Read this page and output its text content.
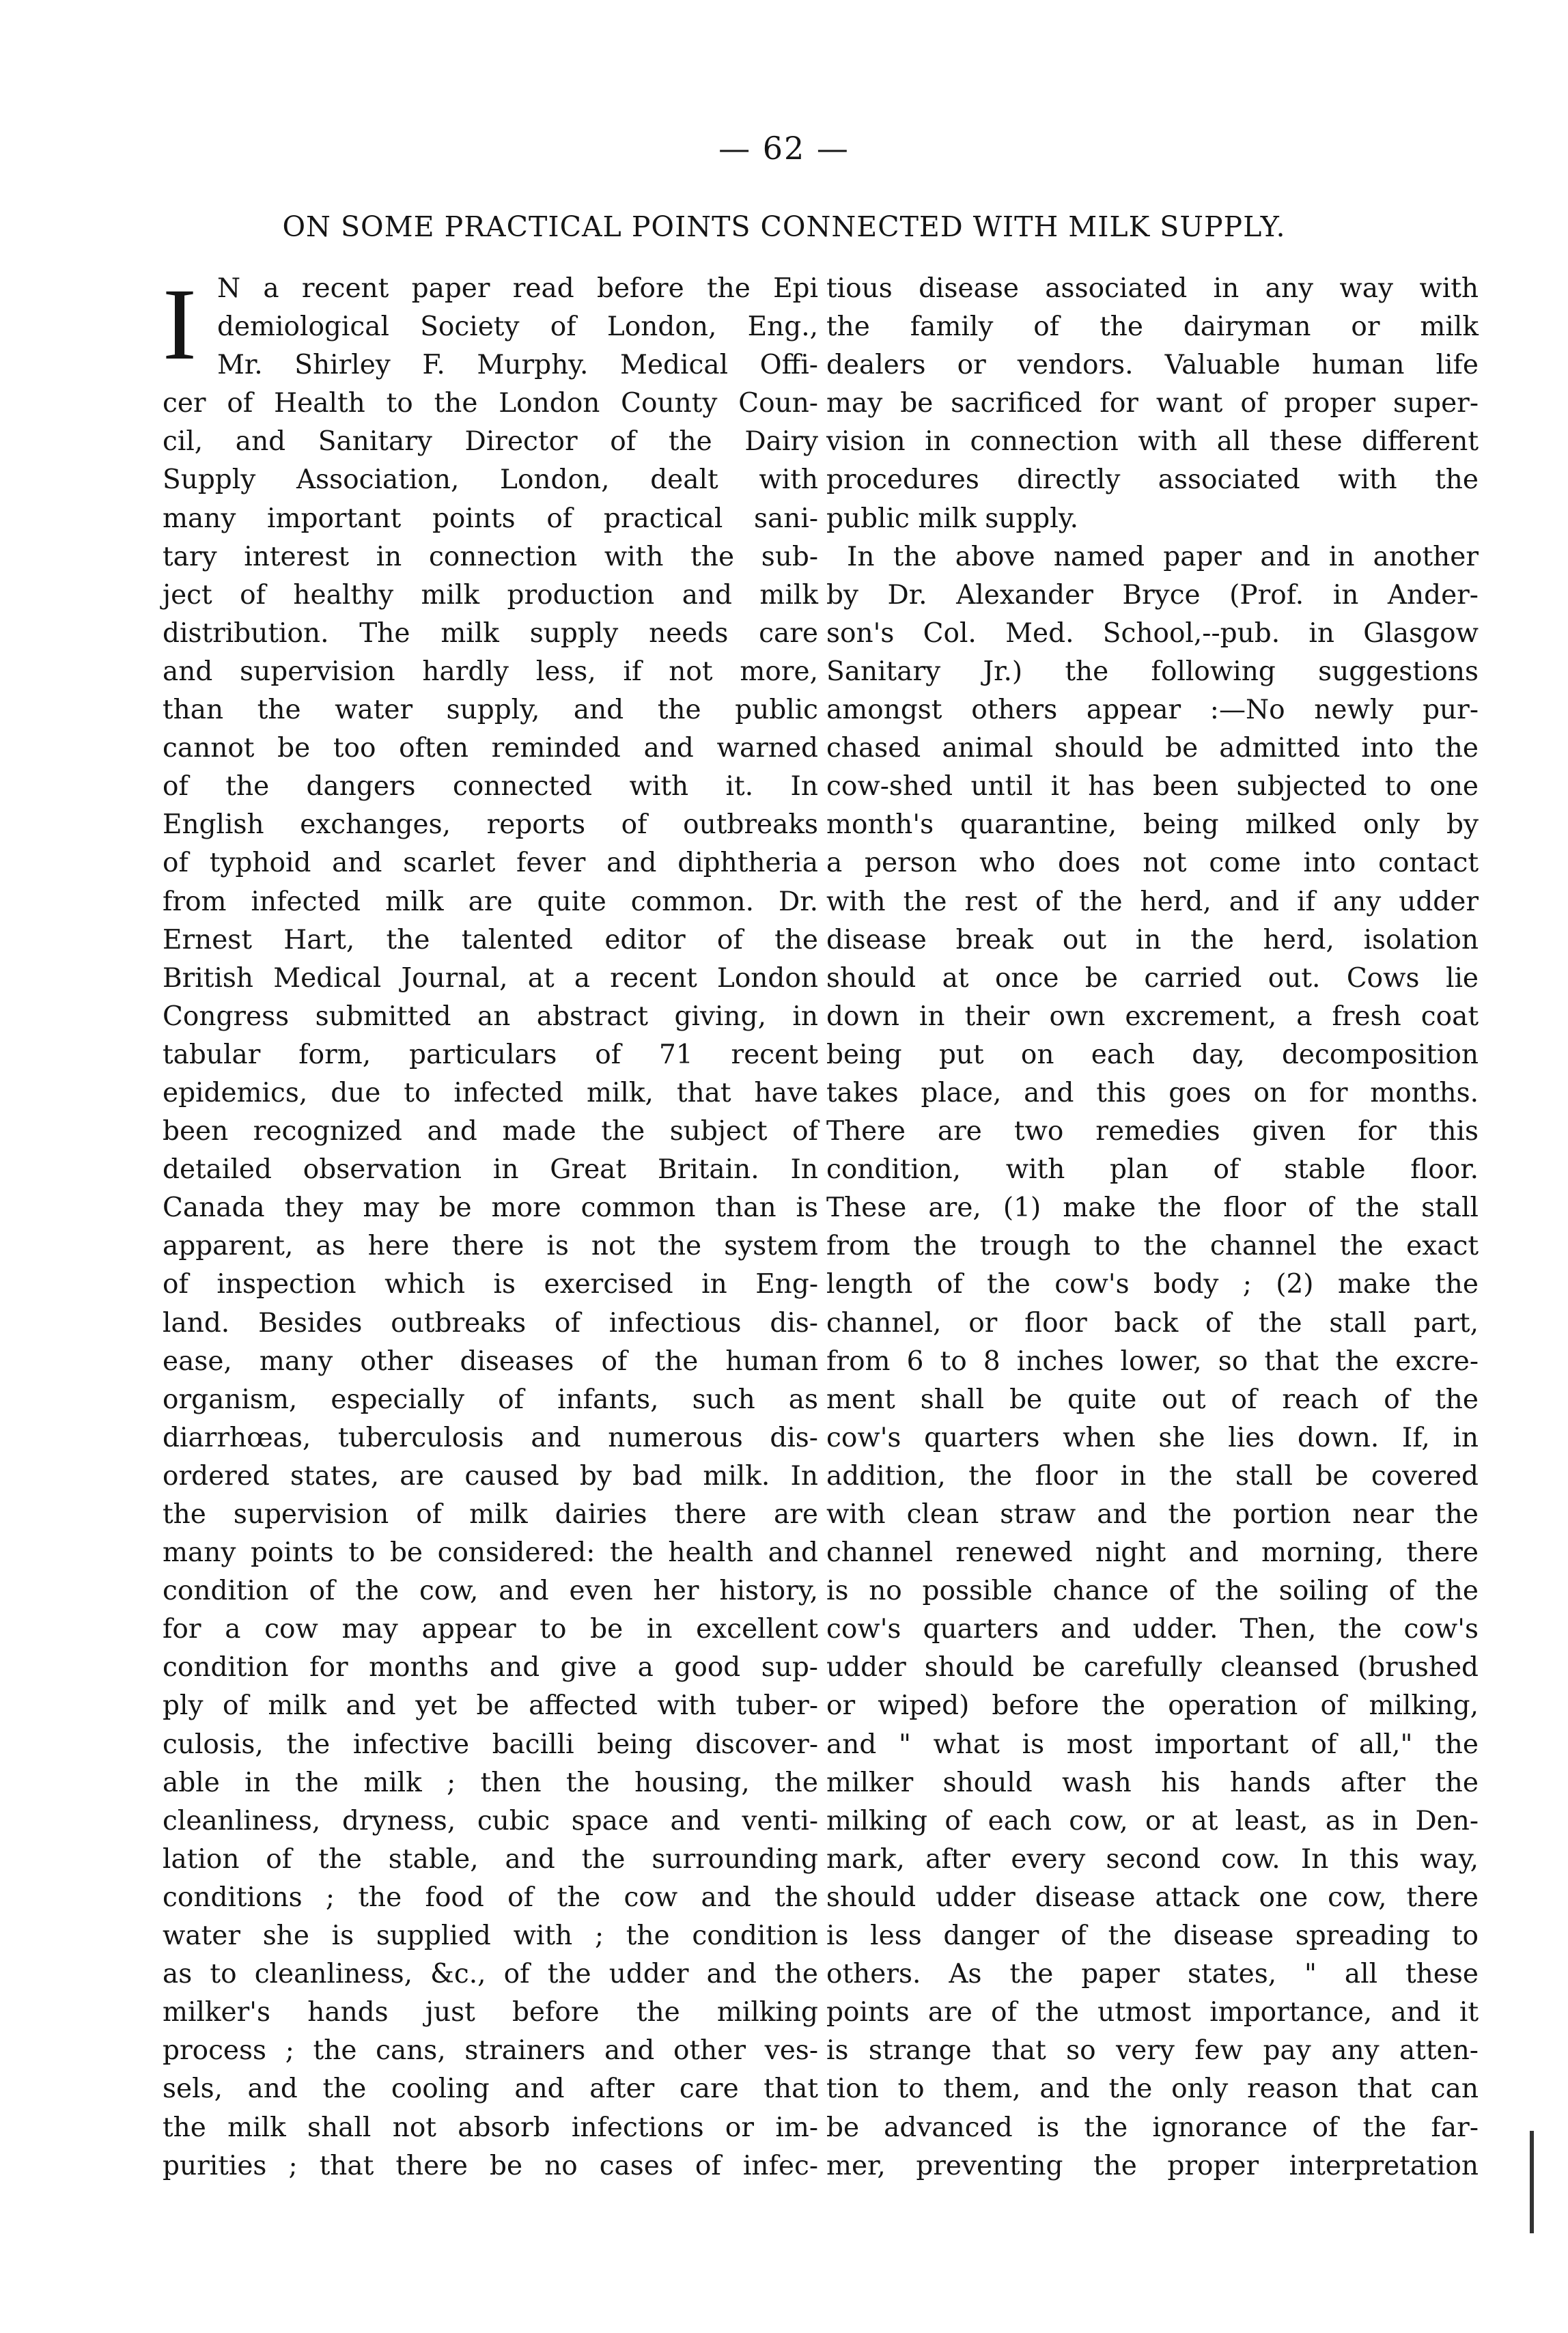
— 62 —
ON SOME PRACTICAL POINTS CONNECTED WITH MILK SUPPLY.
I N a recent paper read before the Epi
demiological Society of London, Eng.,
Mr. Shirley F. Murphy. Medical Offi-
cer of Health to the London County Coun-
cil, and Sanitary Director of the Dairy
Supply Association, London, dealt with
many important points of practical sani-
tary interest in connection with the sub-
ject of healthy milk production and milk
distribution. The milk supply needs care
and supervision hardly less, if not more,
than the water supply, and the public
cannot be too often reminded and warned
of the dangers connected with it. In
English exchanges, reports of outbreaks
of typhoid and scarlet fever and diphtheria
from infected milk are quite common. Dr.
Ernest Hart, the talented editor of the
British Medical Journal, at a recent London
Congress submitted an abstract giving, in
tabular form, particulars of 71 recent
epidemics, due to infected milk, that have
been recognized and made the subject of
detailed observation in Great Britain. In
Canada they may be more common than is
apparent, as here there is not the system
of inspection which is exercised in Eng-
land. Besides outbreaks of infectious dis-
ease, many other diseases of the human
organism, especially of infants, such as
diarrhœas, tuberculosis and numerous dis-
ordered states, are caused by bad milk. In
the supervision of milk dairies there are
many points to be considered: the health and
condition of the cow, and even her history,
for a cow may appear to be in excellent
condition for months and give a good sup-
ply of milk and yet be affected with tuber-
culosis, the infective bacilli being discover-
able in the milk ; then the housing, the
cleanliness, dryness, cubic space and venti-
lation of the stable, and the surrounding
conditions ; the food of the cow and the
water she is supplied with ; the condition
as to cleanliness, &c., of the udder and the
milker's hands just before the milking
process ; the cans, strainers and other ves-
sels, and the cooling and after care that
the milk shall not absorb infections or im-
purities ; that there be no cases of infec-
tious disease associated in any way with
the family of the dairyman or milk
dealers or vendors. Valuable human life
may be sacrificed for want of proper super-
vision in connection with all these different
procedures directly associated with the
public milk supply.
In the above named paper and in another
by Dr. Alexander Bryce (Prof. in Ander-
son's Col. Med. School,--pub. in Glasgow
Sanitary Jr.) the following suggestions
amongst others appear :—No newly pur-
chased animal should be admitted into the
cow-shed until it has been subjected to one
month's quarantine, being milked only by
a person who does not come into contact
with the rest of the herd, and if any udder
disease break out in the herd, isolation
should at once be carried out. Cows lie
down in their own excrement, a fresh coat
being put on each day, decomposition
takes place, and this goes on for months.
There are two remedies given for this
condition, with plan of stable floor.
These are, (1) make the floor of the stall
from the trough to the channel the exact
length of the cow's body ; (2) make the
channel, or floor back of the stall part,
from 6 to 8 inches lower, so that the excre-
ment shall be quite out of reach of the
cow's quarters when she lies down. If, in
addition, the floor in the stall be covered
with clean straw and the portion near the
channel renewed night and morning, there
is no possible chance of the soiling of the
cow's quarters and udder. Then, the cow's
udder should be carefully cleansed (brushed
or wiped) before the operation of milking,
and " what is most important of all," the
milker should wash his hands after the
milking of each cow, or at least, as in Den-
mark, after every second cow. In this way,
should udder disease attack one cow, there
is less danger of the disease spreading to
others. As the paper states, " all these
points are of the utmost importance, and it
is strange that so very few pay any atten-
tion to them, and the only reason that can
be advanced is the ignorance of the far-
mer, preventing the proper interpretation
